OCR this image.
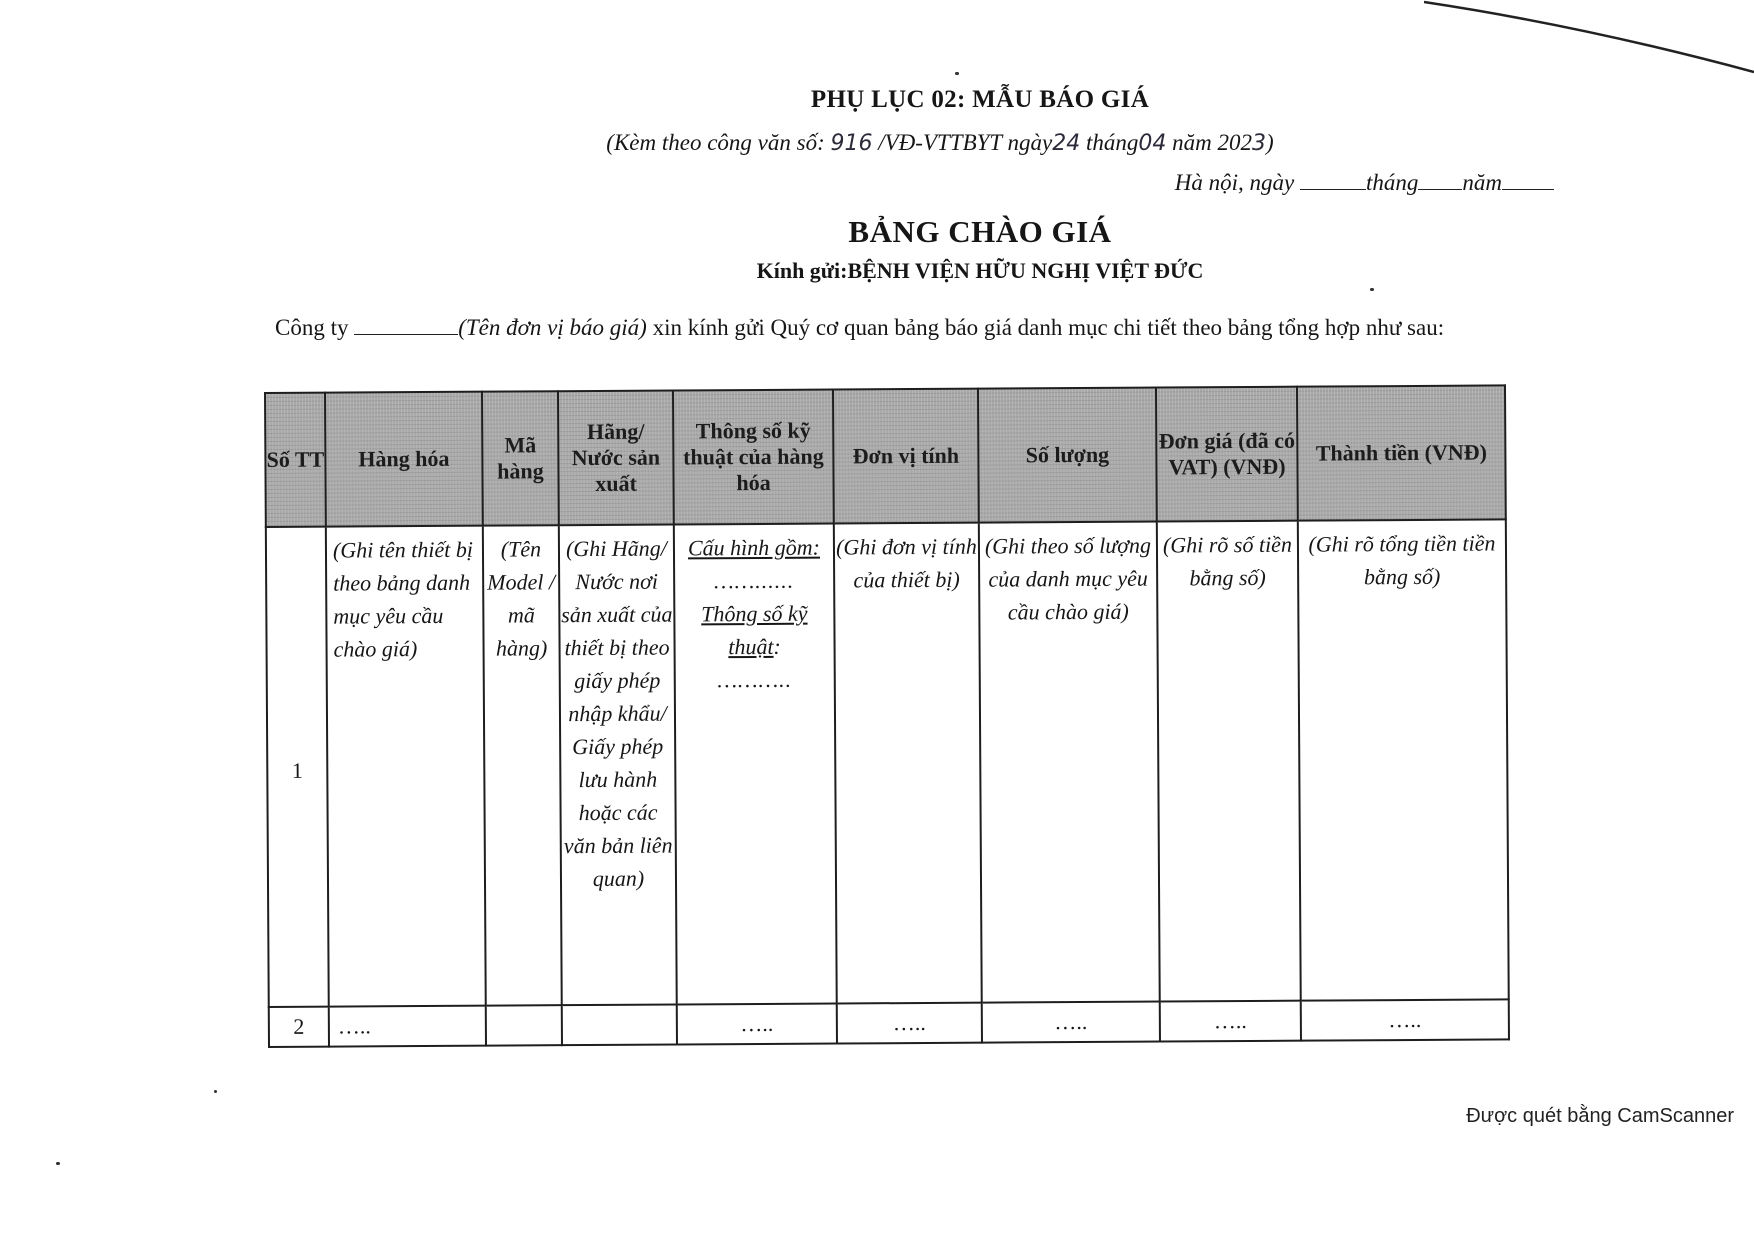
PHỤ LỤC 02: MẪU BÁO GIÁ
(Kèm theo công văn số: 916 /VĐ-VTTBYT ngày24 tháng04 năm 2023)
Hà nội, ngày	tháng năm
BẢNG CHÀO GIÁ
Kính gửi:BỆNH VIỆN HỮU NGHỊ VIỆT ĐỨC
Công ty	(Tên đơn vị báo giá) xin kính gửi Quý cơ quan bảng báo giá danh mục chi tiết theo bảng tổng hợp như sau:
Số TT	Hàng hóa	Mã hàng	Hãng/ Nước sản xuất	Thông số kỹ thuật của hàng hóa	Đơn vị tính	Số lượng	Đơn giá (đã có VAT) (VNĐ)	Thành tiền (VNĐ)
1	(Ghi tên thiết bị theo bảng danh mục yêu cầu chào giá)	(Tên Model / mã hàng)	(Ghi Hãng/ Nước nơi sản xuất của thiết bị theo giấy phép nhập khẩu/ Giấy phép lưu hành hoặc các văn bản liên quan)	Cấu hình gồm:
……......
Thông số kỹ thuật:
………..	(Ghi đơn vị tính của thiết bị)	(Ghi theo số lượng của danh mục yêu cầu chào giá)	(Ghi rõ số tiền bằng số)	(Ghi rõ tổng tiền tiền bằng số)
2	…..			…..	…..	…..	…..	…..
Được quét bằng CamScanner
